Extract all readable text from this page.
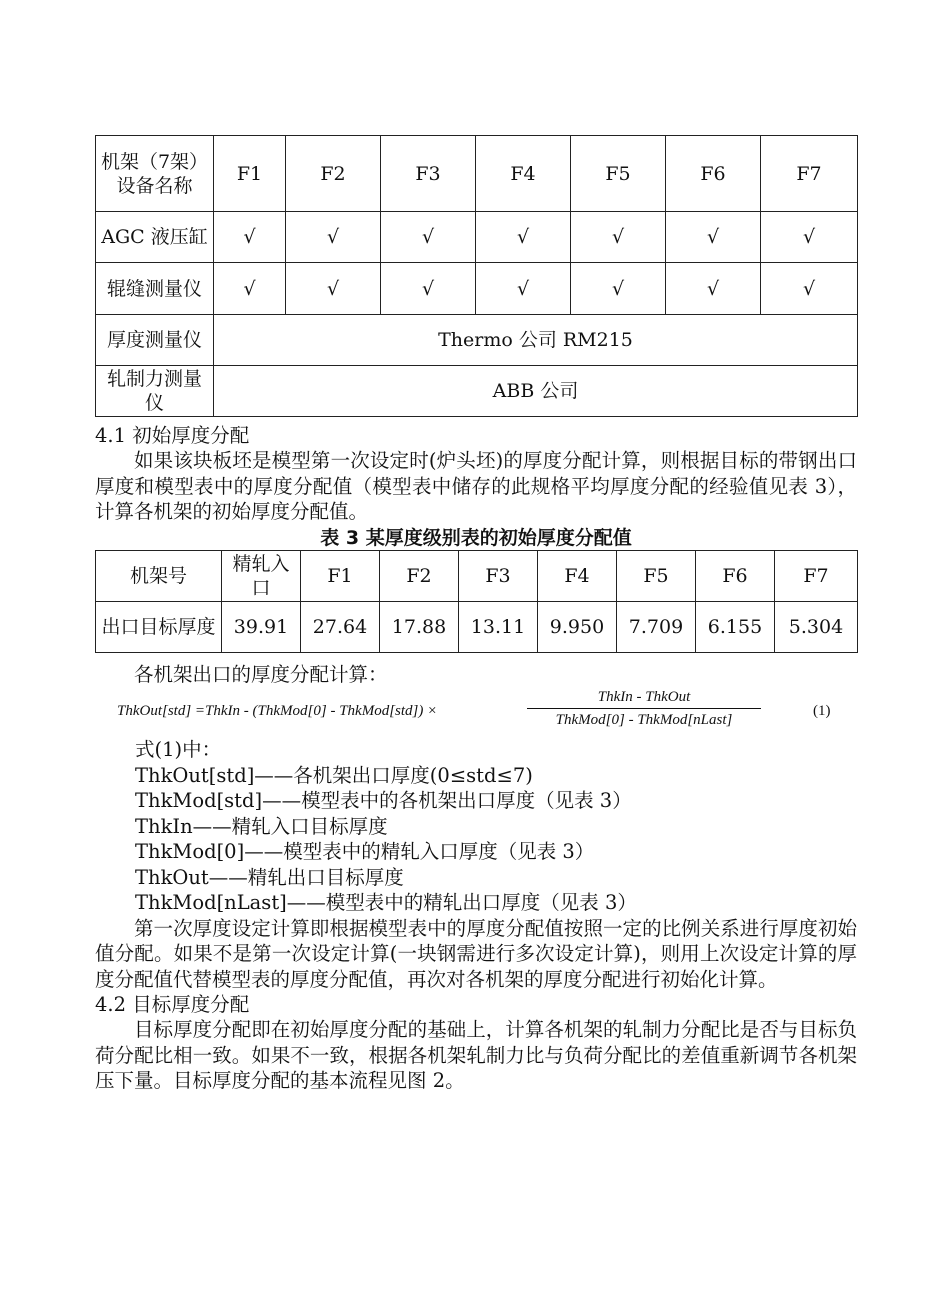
机架（7架）设备名称	F1	F2	F3	F4	F5	F6	F7
AGC 液压缸	√	√	√	√	√	√	√
辊缝测量仪	√	√	√	√	√	√	√
厚度测量仪	Thermo 公司 RM215						
轧制力测量仪	ABB 公司						

4.1 初始厚度分配

如果该块板坯是模型第一次设定时(炉头坯)的厚度分配计算，则根据目标的带钢出口厚度和模型表中的厚度分配值（模型表中储存的此规格平均厚度分配的经验值见表 3），计算各机架的初始厚度分配值。

表 3 某厚度级别表的初始厚度分配值

机架号	精轧入口	F1	F2	F3	F4	F5	F6	F7
出口目标厚度	39.91	27.64	17.88	13.11	9.950	7.709	6.155	5.304

各机架出口的厚度分配计算：

ThkOut[std] =ThkIn - (ThkMod[0] - ThkMod[std]) ×
ThkIn - ThkOut
ThkMod[0] - ThkMod[nLast]
(1)

式(1)中：

ThkOut[std]——各机架出口厚度(0≤std≤7)

ThkMod[std]——模型表中的各机架出口厚度（见表 3）

ThkIn——精轧入口目标厚度

ThkMod[0]——模型表中的精轧入口厚度（见表 3）

ThkOut——精轧出口目标厚度

ThkMod[nLast]——模型表中的精轧出口厚度（见表 3）

第一次厚度设定计算即根据模型表中的厚度分配值按照一定的比例关系进行厚度初始值分配。如果不是第一次设定计算(一块钢需进行多次设定计算)，则用上次设定计算的厚度分配值代替模型表的厚度分配值，再次对各机架的厚度分配进行初始化计算。

4.2 目标厚度分配

目标厚度分配即在初始厚度分配的基础上，计算各机架的轧制力分配比是否与目标负荷分配比相一致。如果不一致，根据各机架轧制力比与负荷分配比的差值重新调节各机架压下量。目标厚度分配的基本流程见图 2。
